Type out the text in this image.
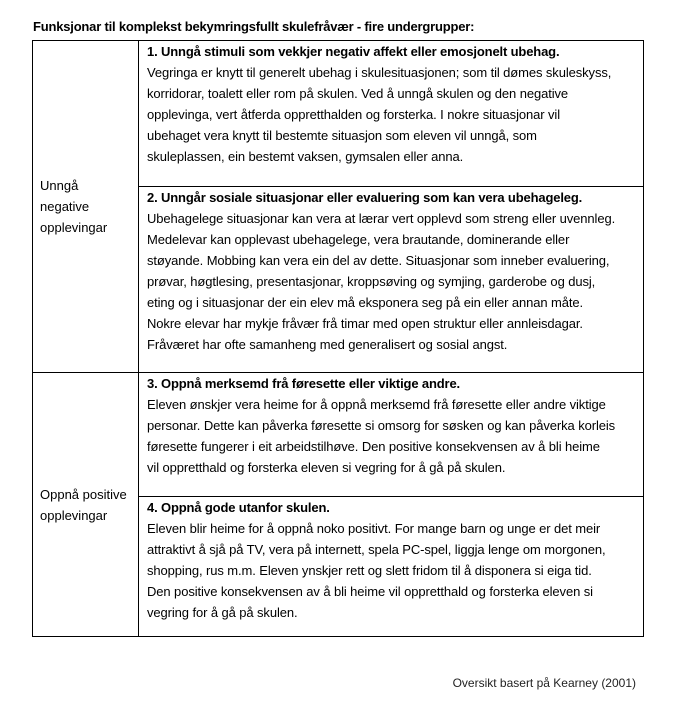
Funksjonar til komplekst bekymringsfullt skulefråvær - fire undergrupper:
Unngå
negative
opplevingar
1. Unngå stimuli som vekkjer negativ affekt eller emosjonelt ubehag.
Vegringa er knytt til generelt ubehag i skulesituasjonen; som til dømes skuleskyss,
korridorar, toalett eller rom på skulen. Ved å unngå skulen og den negative
opplevinga, vert åtferda oppretthalden og forsterka. I nokre situasjonar vil
ubehaget vera knytt til bestemte situasjon som eleven vil unngå, som
skuleplassen, ein bestemt vaksen, gymsalen eller anna.
2. Unngår sosiale situasjonar eller evaluering som kan vera ubehageleg.
Ubehagelege situasjonar kan vera at lærar vert opplevd som streng eller uvennleg.
Medelevar kan opplevast ubehagelege, vera brautande, dominerande eller
støyande. Mobbing kan vera ein del av dette. Situasjonar som inneber evaluering,
prøvar, høgtlesing, presentasjonar, kroppsøving og symjing, garderobe og dusj,
eting og i situasjonar der ein elev må eksponera seg på ein eller annan måte.
Nokre elevar har mykje fråvær frå timar med open struktur eller annleisdagar.
Fråværet har ofte samanheng med generalisert og sosial angst.
Oppnå positive
opplevingar
3. Oppnå merksemd frå føresette eller viktige andre.
Eleven ønskjer vera heime for å oppnå merksemd frå føresette eller andre viktige
personar. Dette kan påverka føresette si omsorg for søsken og kan påverka korleis
føresette fungerer i eit arbeidstilhøve. Den positive konsekvensen av å bli heime
vil oppretthald og forsterka eleven si vegring for å gå på skulen.
4. Oppnå gode utanfor skulen.
Eleven blir heime for å oppnå noko positivt. For mange barn og unge er det meir
attraktivt å sjå på TV, vera på internett, spela PC-spel, liggja lenge om morgonen,
shopping, rus m.m. Eleven ynskjer rett og slett fridom til å disponera si eiga tid.
Den positive konsekvensen av å bli heime vil oppretthald og forsterka eleven si
vegring for å gå på skulen.
Oversikt basert på Kearney (2001)
